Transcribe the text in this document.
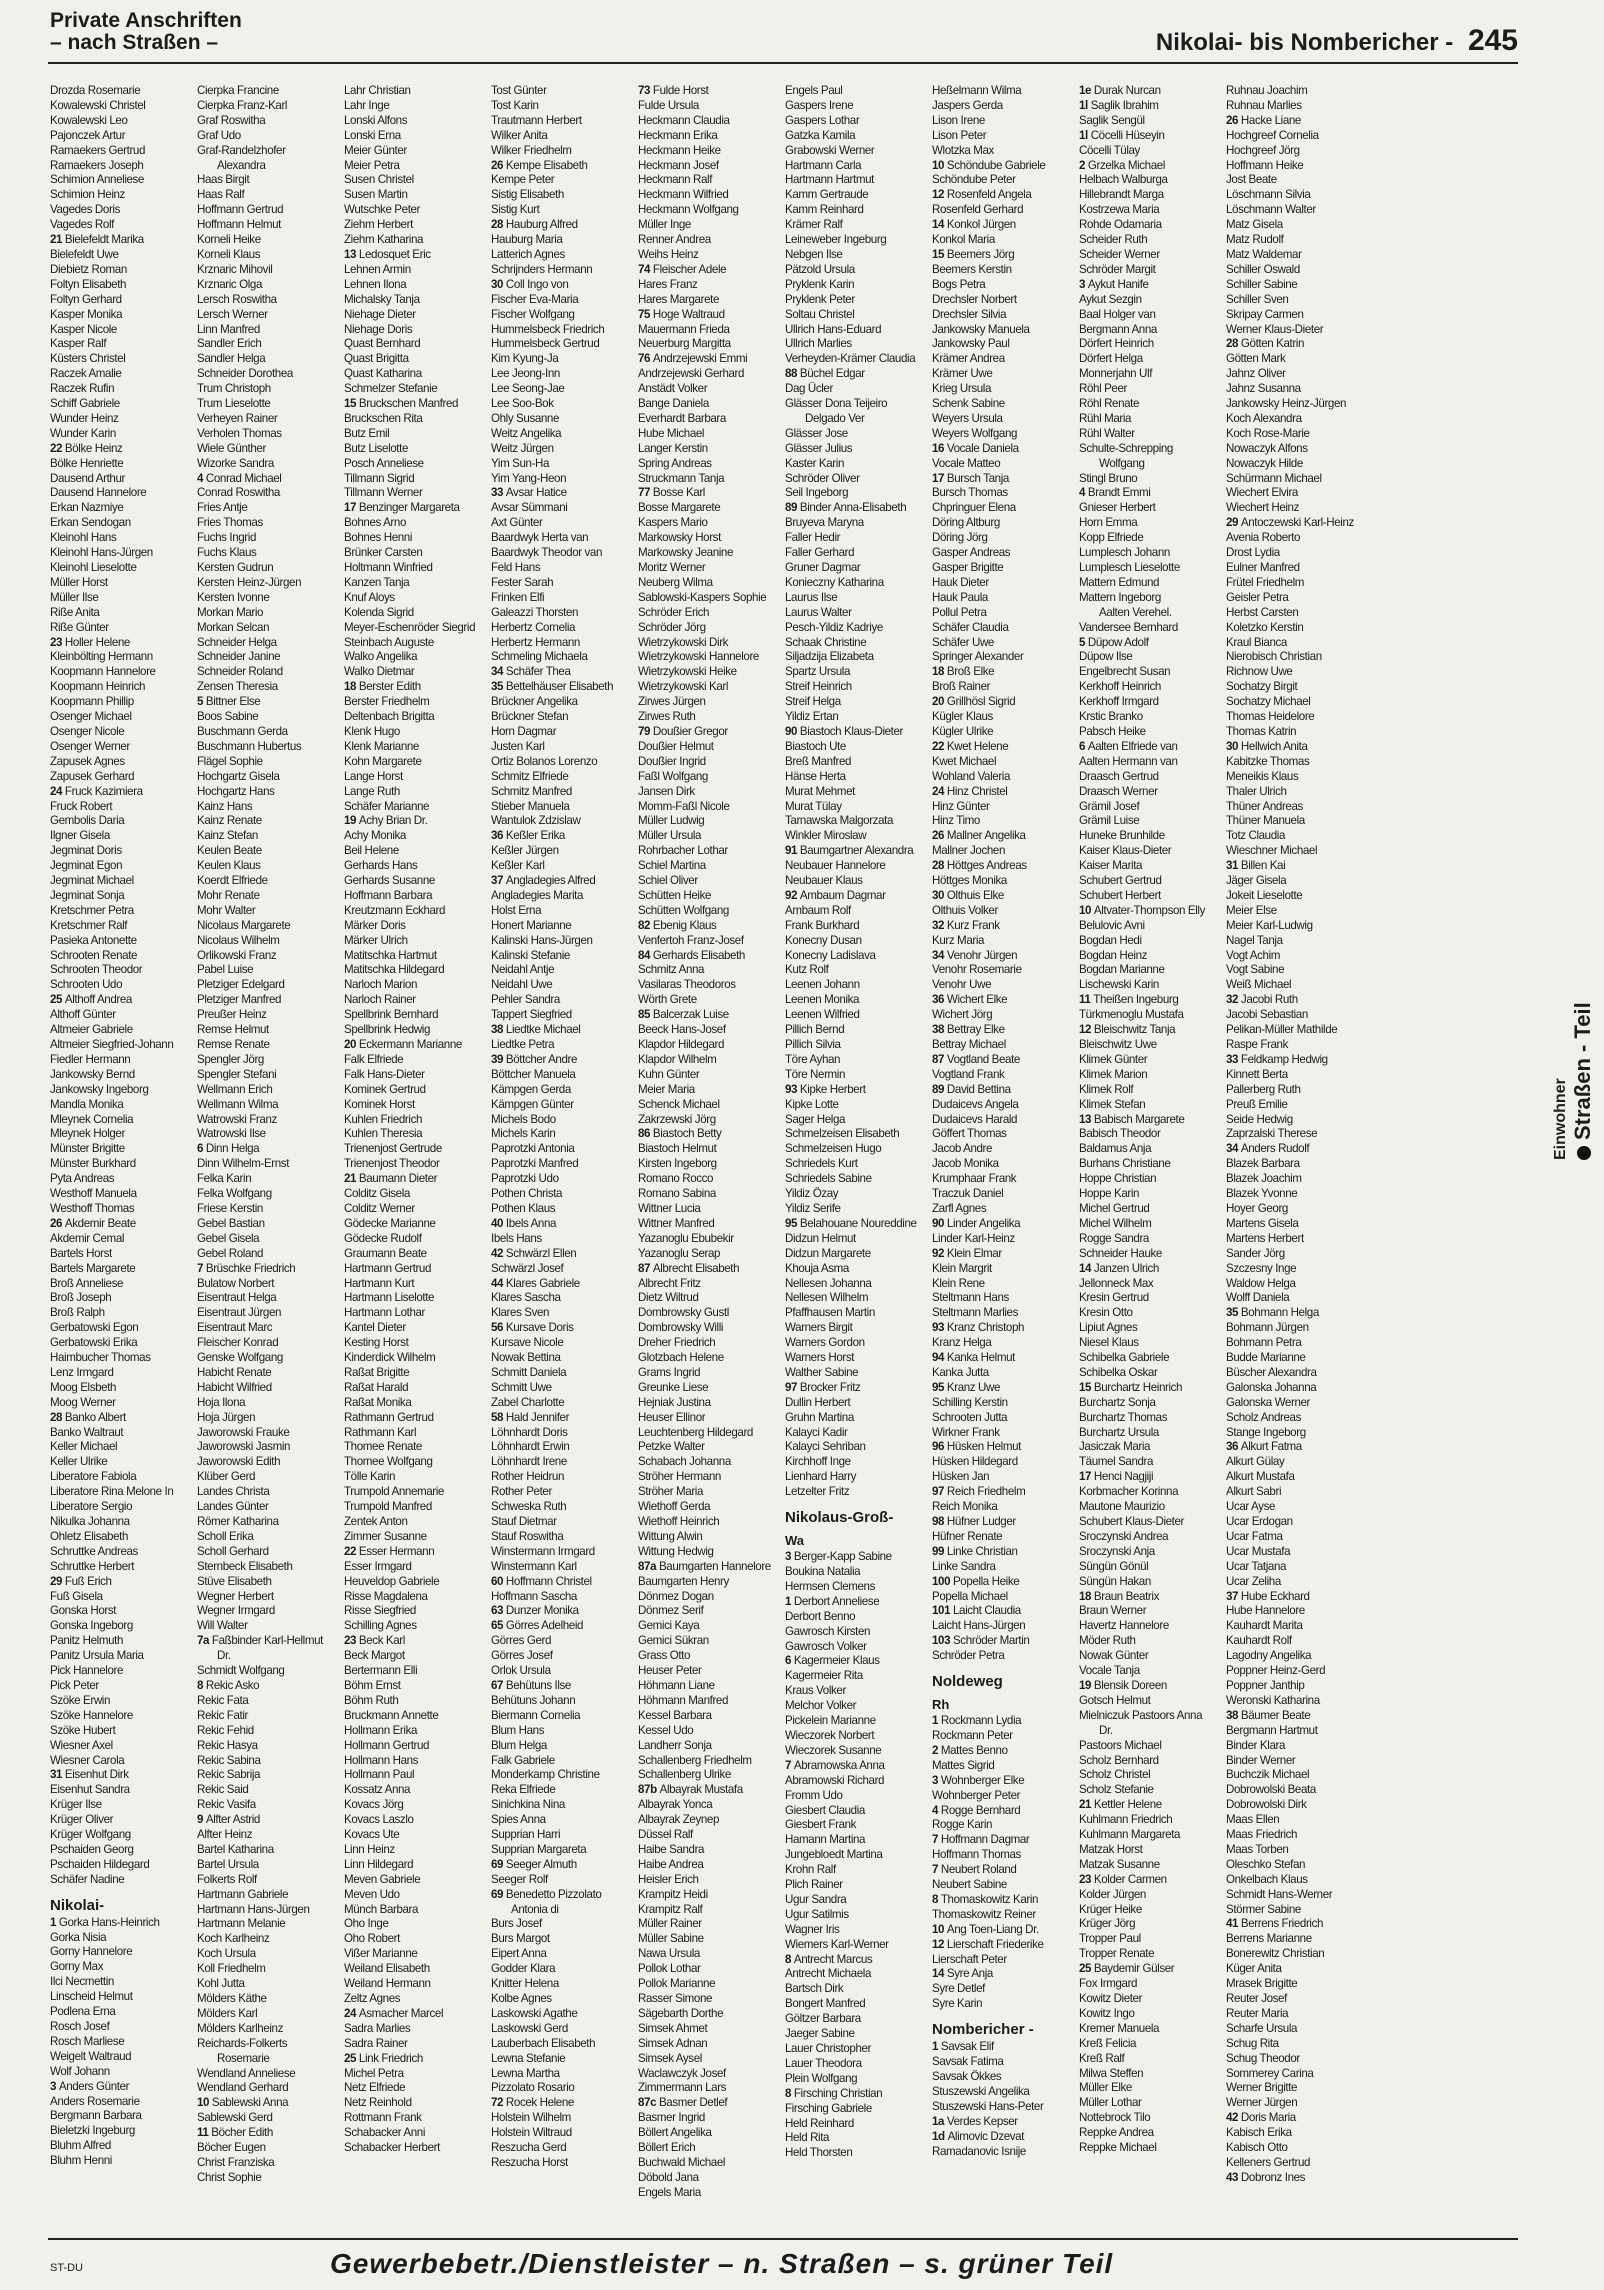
Private Anschriften
– nach Straßen –	Nikolai- bis Nombericher - 245
Drozda Rosemarie
Kowalewski Christel
Kowalewski Leo
Pajonczek Artur
Ramaekers Gertrud
Ramaekers Joseph
Schimion Anneliese
Schimion Heinz
Vagedes Doris
Vagedes Rolf
21 Bielefeldt Marika
Bielefeldt Uwe
Diebietz Roman
Foltyn Elisabeth
Foltyn Gerhard
Kasper Monika
Kasper Nicole
Kasper Ralf
Küsters Christel
Raczek Amalie
Raczek Rufin
Schiff Gabriele
Wunder Heinz
Wunder Karin
22 Bölke Heinz
Bölke Henriette
Dausend Arthur
Dausend Hannelore
Erkan Nazmiye
Erkan Sendogan
Kleinohl Hans
Kleinohl Hans-Jürgen
Kleinohl Lieselotte
Müller Horst
Müller Ilse
Riße Anita
Riße Günter
23 Holler Helene
Kleinbölting Hermann
Koopmann Hannelore
Koopmann Heinrich
Koopmann Phillip
Osenger Michael
Osenger Nicole
Osenger Werner
Zapusek Agnes
Zapusek Gerhard
24 Fruck Kazimiera
Fruck Robert
Gembolis Daria
Ilgner Gisela
Jegminat Doris
Jegminat Egon
Jegminat Michael
Jegminat Sonja
Kretschmer Petra
Kretschmer Ralf
Pasieka Antonette
Schrooten Renate
Schrooten Theodor
Schrooten Udo
25 Althoff Andrea
Althoff Günter
Altmeier Gabriele
Altmeier Siegfried-Johann
Fiedler Hermann
Jankowsky Bernd
Jankowsky Ingeborg
Mandla Monika
Mleynek Cornelia
Mleynek Holger
Münster Brigitte
Münster Burkhard
Pyta Andreas
Westhoff Manuela
Westhoff Thomas
26 Akdemir Beate
Akdemir Cemal
Bartels Horst
Bartels Margarete
Broß Anneliese
Broß Joseph
Broß Ralph
Gerbatowski Egon
Gerbatowski Erika
Haimbucher Thomas
Lenz Irmgard
Moog Elsbeth
Moog Werner
28 Banko Albert
Banko Waltraut
Keller Michael
Keller Ulrike
Liberatore Fabiola
Liberatore Rina Melone In
Liberatore Sergio
Nikulka Johanna
Ohletz Elisabeth
Schruttke Andreas
Schruttke Herbert
29 Fuß Erich
Fuß Gisela
Gonska Horst
Gonska Ingeborg
Panitz Helmuth
Panitz Ursula Maria
Pick Hannelore
Pick Peter
Szöke Erwin
Szöke Hannelore
Szöke Hubert
Wiesner Axel
Wiesner Carola
31 Eisenhut Dirk
Eisenhut Sandra
Krüger Ilse
Krüger Oliver
Krüger Wolfgang
Pschaiden Georg
Pschaiden Hildegard
Schäfer Nadine
Nikolai-
1 Gorka Hans-Heinrich
Gorka Nisia
Gorny Hannelore
Gorny Max
Ilci Necmettin
Linscheid Helmut
Podlena Erna
Rosch Josef
Rosch Marliese
Weigelt Waltraud
Wolf Johann
3 Anders Günter
Anders Rosemarie
Bergmann Barbara
Bieletzki Ingeburg
Bluhm Alfred
Bluhm Henni
Cierpka Francine
Cierpka Franz-Karl
Graf Roswitha
Graf Udo
Graf-Randelzhofer
Alexandra
Haas Birgit
Haas Ralf
Hoffmann Gertrud
Hoffmann Helmut
Korneli Heike
Korneli Klaus
Krznaric Mihovil
Krznaric Olga
Lersch Roswitha
Lersch Werner
Linn Manfred
Sandler Erich
Sandler Helga
Schneider Dorothea
Trum Christoph
Trum Lieselotte
Verheyen Rainer
Verholen Thomas
Wiele Günther
Wizorke Sandra
4 Conrad Michael
Conrad Roswitha
Fries Antje
Fries Thomas
Fuchs Ingrid
Fuchs Klaus
Kersten Gudrun
Kersten Heinz-Jürgen
Kersten Ivonne
Morkan Mario
Morkan Selcan
Schneider Helga
Schneider Janine
Schneider Roland
Zensen Theresia
5 Bittner Else
Boos Sabine
Buschmann Gerda
Buschmann Hubertus
Flägel Sophie
Hochgartz Gisela
Hochgartz Hans
Kainz Hans
Kainz Renate
Kainz Stefan
Keulen Beate
Keulen Klaus
Koerdt Elfriede
Mohr Renate
Mohr Walter
Nicolaus Margarete
Nicolaus Wilhelm
Orlikowski Franz
Pabel Luise
Pletziger Edelgard
Pletziger Manfred
Preußer Heinz
Remse Helmut
Remse Renate
Spengler Jörg
Spengler Stefani
Wellmann Erich
Wellmann Wilma
Watrowski Franz
Watrowski Ilse
6 Dinn Helga
Dinn Wilhelm-Ernst
Felka Karin
Felka Wolfgang
Friese Kerstin
Gebel Bastian
Gebel Gisela
Gebel Roland
7 Brüschke Friedrich
Bulatow Norbert
Eisentraut Helga
Eisentraut Jürgen
Eisentraut Marc
Fleischer Konrad
Genske Wolfgang
Habicht Renate
Habicht Wilfried
Hoja Ilona
Hoja Jürgen
Jaworowski Frauke
Jaworowski Jasmin
Jaworowski Edith
Klüber Gerd
Landes Christa
Landes Günter
Römer Katharina
Scholl Erika
Scholl Gerhard
Sternbeck Elisabeth
Stüve Elisabeth
Wegner Herbert
Wegner Irmgard
Will Walter
7a Faßbinder Karl-Hellmut
Dr.
Schmidt Wolfgang
8 Rekic Asko
Rekic Fata
Rekic Fatir
Rekic Fehid
Rekic Hasya
Rekic Sabina
Rekic Sabrija
Rekic Said
Rekic Vasifa
9 Alfter Astrid
Alfter Heinz
Bartel Katharina
Bartel Ursula
Folkerts Rolf
Hartmann Gabriele
Hartmann Hans-Jürgen
Hartmann Melanie
Koch Karlheinz
Koch Ursula
Koll Friedhelm
Kohl Jutta
Mölders Käthe
Mölders Karl
Mölders Karlheinz
Reichards-Folkerts
Rosemarie
Wendland Anneliese
Wendland Gerhard
10 Sablewski Anna
Sablewski Gerd
11 Böcher Edith
Böcher Eugen
Christ Franziska
Christ Sophie
Lahr Christian
Lahr Inge
Lonski Alfons
Lonski Erna
Meier Günter
Meier Petra
Susen Christel
Susen Martin
Wutschke Peter
Ziehm Herbert
Ziehm Katharina
13 Ledosquet Eric
Lehnen Armin
Lehnen Ilona
Michalsky Tanja
Niehage Dieter
Niehage Doris
Quast Bernhard
Quast Brigitta
Quast Katharina
Schmelzer Stefanie
15 Bruckschen Manfred
Bruckschen Rita
Butz Emil
Butz Liselotte
Posch Anneliese
Tillmann Sigrid
Tillmann Werner
17 Benzinger Margareta
Bohnes Arno
Bohnes Henni
Brünker Carsten
Holtmann Winfried
Kanzen Tanja
Knuf Aloys
Kolenda Sigrid
Meyer-Eschenröder Siegrid
Steinbach Auguste
Walko Angelika
Walko Dietmar
18 Berster Edith
Berster Friedhelm
Deltenbach Brigitta
Klenk Hugo
Klenk Marianne
Kohn Margarete
Lange Horst
Lange Ruth
Schäfer Marianne
19 Achy Brian Dr.
Achy Monika
Beil Helene
Gerhards Hans
Gerhards Susanne
Hoffmann Barbara
Kreutzmann Eckhard
Märker Doris
Märker Ulrich
Matitschka Hartmut
Matitschka Hildegard
Narloch Marion
Narloch Rainer
Spellbrink Bernhard
Spellbrink Hedwig
20 Eckermann Marianne
Falk Elfriede
Falk Hans-Dieter
Kominek Gertrud
Kominek Horst
Kuhlen Friedrich
Kuhlen Theresia
Trienenjost Gertrude
Trienenjost Theodor
21 Baumann Dieter
Colditz Gisela
Colditz Werner
Gödecke Marianne
Gödecke Rudolf
Graumann Beate
Hartmann Gertrud
Hartmann Kurt
Hartmann Liselotte
Hartmann Lothar
Kantel Dieter
Kesting Horst
Kinderdick Wilhelm
Raßat Brigitte
Raßat Harald
Raßat Monika
Rathmann Gertrud
Rathmann Karl
Thomee Renate
Thomee Wolfgang
Tölle Karin
Trumpold Annemarie
Trumpold Manfred
Zentek Anton
Zimmer Susanne
22 Esser Hermann
Esser Irmgard
Heuveldop Gabriele
Risse Magdalena
Risse Siegfried
Schilling Agnes
23 Beck Karl
Beck Margot
Bertermann Elli
Böhm Ernst
Böhm Ruth
Bruckmann Annette
Hollmann Erika
Hollmann Gertrud
Hollmann Hans
Hollmann Paul
Kossatz Anna
Kovacs Jörg
Kovacs Laszlo
Kovacs Ute
Linn Heinz
Linn Hildegard
Meven Gabriele
Meven Udo
Münch Barbara
Oho Inge
Oho Robert
Vißer Marianne
Weiland Elisabeth
Weiland Hermann
Zeltz Agnes
24 Asmacher Marcel
Sadra Marlies
Sadra Rainer
25 Link Friedrich
Michel Petra
Netz Elfriede
Netz Reinhold
Rottmann Frank
Schabacker Anni
Schabacker Herbert
Tost Günter
Tost Karin
Trautmann Herbert
Wilker Anita
Wilker Friedhelm
26 Kempe Elisabeth
Kempe Peter
Sistig Elisabeth
Sistig Kurt
28 Hauburg Alfred
Hauburg Maria
Latterich Agnes
Schrijnders Hermann
30 Coll Ingo von
Fischer Eva-Maria
Fischer Wolfgang
Hummelsbeck Friedrich
Hummelsbeck Gertrud
Kim Kyung-Ja
Lee Jeong-Inn
Lee Seong-Jae
Lee Soo-Bok
Ohly Susanne
Weitz Angelika
Weitz Jürgen
Yim Sun-Ha
Yim Yang-Heon
33 Avsar Hatice
Avsar Sümmani
Axt Günter
Baardwyk Herta van
Baardwyk Theodor van
Feld Hans
Fester Sarah
Frinken Elfi
Galeazzi Thorsten
Herbertz Cornelia
Herbertz Hermann
Schmeling Michaela
34 Schäfer Thea
35 Bettelhäuser Elisabeth
Brückner Angelika
Brückner Stefan
Horn Dagmar
Justen Karl
Ortiz Bolanos Lorenzo
Schmitz Elfriede
Schmitz Manfred
Stieber Manuela
Wantulok Zdzislaw
36 Keßler Erika
Keßler Jürgen
Keßler Karl
37 Angladegies Alfred
Angladegies Marita
Holst Erna
Honert Marianne
Kalinski Hans-Jürgen
Kalinski Stefanie
Neidahl Antje
Neidahl Uwe
Pehler Sandra
Tappert Siegfried
38 Liedtke Michael
Liedtke Petra
39 Böttcher Andre
Böttcher Manuela
Kämpgen Gerda
Kämpgen Günter
Michels Bodo
Michels Karin
Paprotzki Antonia
Paprotzki Manfred
Paprotzki Udo
Pothen Christa
Pothen Klaus
40 Ibels Anna
Ibels Hans
42 Schwärzl Ellen
Schwärzl Josef
44 Klares Gabriele
Klares Sascha
Klares Sven
56 Kursave Doris
Kursave Nicole
Nowak Bettina
Schmitt Daniela
Schmitt Uwe
Zabel Charlotte
58 Hald Jennifer
Löhnhardt Doris
Löhnhardt Erwin
Löhnhardt Irene
Rother Heidrun
Rother Peter
Schweska Ruth
Stauf Dietmar
Stauf Roswitha
Winstermann Irmgard
Winstermann Karl
60 Hoffmann Christel
Hoffmann Sascha
63 Dunzer Monika
65 Görres Adelheid
Görres Gerd
Görres Josef
Orlok Ursula
67 Behütuns Ilse
Behütuns Johann
Biermann Cornelia
Blum Hans
Blum Helga
Falk Gabriele
Monderkamp Christine
Reka Elfriede
Sinichkina Nina
Spies Anna
Supprian Harri
Supprian Margareta
69 Seeger Almuth
Seeger Rolf
69 Benedetto Pizzolato
Antonia di
Burs Josef
Burs Margot
Eipert Anna
Godder Klara
Knitter Helena
Kolbe Agnes
Laskowski Agathe
Laskowski Gerd
Lauberbach Elisabeth
Lewna Stefanie
Lewna Martha
Pizzolato Rosario
72 Rocek Helene
Holstein Wilhelm
Holstein Wiltraud
Reszucha Gerd
Reszucha Horst
73 Fulde Horst
Fulde Ursula
Heckmann Claudia
Heckmann Erika
Heckmann Heike
Heckmann Josef
Heckmann Ralf
Heckmann Wilfried
Heckmann Wolfgang
Müller Inge
Renner Andrea
Weihs Heinz
74 Fleischer Adele
Hares Franz
Hares Margarete
75 Hoge Waltraud
Mauermann Frieda
Neuerburg Margitta
76 Andrzejewski Emmi
Andrzejewski Gerhard
Anstädt Volker
Bange Daniela
Everhardt Barbara
Hube Michael
Langer Kerstin
Spring Andreas
Struckmann Tanja
77 Bosse Karl
Bosse Margarete
Kaspers Mario
Markowsky Horst
Markowsky Jeanine
Moritz Werner
Neuberg Wilma
Sablowski-Kaspers Sophie
Schröder Erich
Schröder Jörg
Wietrzykowski Dirk
Wietrzykowski Hannelore
Wietrzykowski Heike
Wietrzykowski Karl
Zirwes Jürgen
Zirwes Ruth
79 Doußier Gregor
Doußier Helmut
Doußier Ingrid
Faßl Wolfgang
Jansen Dirk
Momm-Faßl Nicole
Müller Ludwig
Müller Ursula
Rohrbacher Lothar
Schiel Martina
Schiel Oliver
Schütten Heike
Schütten Wolfgang
82 Ebenig Klaus
Venfertoh Franz-Josef
84 Gerhards Elisabeth
Schmitz Anna
Vasilaras Theodoros
Wörth Grete
85 Balcerzak Luise
Beeck Hans-Josef
Klapdor Hildegard
Klapdor Wilhelm
Kuhn Günter
Meier Maria
Schenck Michael
Zakrzewski Jörg
86 Biastoch Betty
Biastoch Helmut
Kirsten Ingeborg
Romano Rocco
Romano Sabina
Wittner Lucia
Wittner Manfred
Yazanoglu Ebubekir
Yazanoglu Serap
87 Albrecht Elisabeth
Albrecht Fritz
Dietz Wiltrud
Dombrowsky Gustl
Dombrowsky Willi
Dreher Friedrich
Glotzbach Helene
Grams Ingrid
Greunke Liese
Hejniak Justina
Heuser Ellinor
Leuchtenberg Hildegard
Petzke Walter
Schabach Johanna
Ströher Hermann
Ströher Maria
Wiethoff Gerda
Wiethoff Heinrich
Wittung Alwin
Wittung Hedwig
87a Baumgarten Hannelore
Baumgarten Henry
Dönmez Dogan
Dönmez Serif
Gemici Kaya
Gemici Sükran
Grass Otto
Heuser Peter
Höhmann Liane
Höhmann Manfred
Kessel Barbara
Kessel Udo
Landherr Sonja
Schallenberg Friedhelm
Schallenberg Ulrike
87b Albayrak Mustafa
Albayrak Yonca
Albayrak Zeynep
Düssel Ralf
Haibe Sandra
Haibe Andrea
Heisler Erich
Krampitz Heidi
Krampitz Ralf
Müller Rainer
Müller Sabine
Nawa Ursula
Pollok Lothar
Pollok Marianne
Rasser Simone
Sägebarth Dorthe
Simsek Ahmet
Simsek Adnan
Simsek Aysel
Waclawczyk Josef
Zimmermann Lars
87c Basmer Detlef
Basmer Ingrid
Böllert Angelika
Böllert Erich
Buchwald Michael
Döbold Jana
Engels Maria
Engels Paul
Gaspers Irene
Gaspers Lothar
Gatzka Kamila
Grabowski Werner
Hartmann Carla
Hartmann Hartmut
Kamm Gertraude
Kamm Reinhard
Krämer Ralf
Leineweber Ingeburg
Nebgen Ilse
Pätzold Ursula
Pryklenk Karin
Pryklenk Peter
Soltau Christel
Ullrich Hans-Eduard
Ullrich Marlies
Verheyden-Krämer Claudia
88 Büchel Edgar
Dag Ücler
Glässer Dona Teijeiro
Delgado Ver
Glässer Jose
Glässer Julius
Kaster Karin
Schröder Oliver
Seil Ingeborg
89 Binder Anna-Elisabeth
Bruyeva Maryna
Faller Hedir
Faller Gerhard
Gruner Dagmar
Konieczny Katharina
Laurus Ilse
Laurus Walter
Pesch-Yildiz Kadriye
Schaak Christine
Siljadzija Elizabeta
Spartz Ursula
Streif Heinrich
Streif Helga
Yildiz Ertan
90 Biastoch Klaus-Dieter
Biastoch Ute
Breß Manfred
Hänse Herta
Murat Mehmet
Murat Tülay
Tarnawska Malgorzata
Winkler Miroslaw
91 Baumgartner Alexandra
Neubauer Hannelore
Neubauer Klaus
92 Ambaum Dagmar
Ambaum Rolf
Frank Burkhard
Konecny Dusan
Konecny Ladislava
Kutz Rolf
Leenen Johann
Leenen Monika
Leenen Wilfried
Pillich Bernd
Pillich Silvia
Töre Ayhan
Töre Nermin
93 Kipke Herbert
Kipke Lotte
Sager Helga
Schmelzeisen Elisabeth
Schmelzeisen Hugo
Schriedels Kurt
Schriedels Sabine
Yildiz Özay
Yildiz Serife
95 Belahouane Noureddine
Didzun Helmut
Didzun Margarete
Khouja Asma
Nellesen Johanna
Nellesen Wilhelm
Pfaffhausen Martin
Warners Birgit
Warners Gordon
Warners Horst
Walther Sabine
97 Brocker Fritz
Dullin Herbert
Gruhn Martina
Kalayci Kadir
Kalayci Sehriban
Kirchhoff Inge
Lienhard Harry
Letzelter Fritz
Nikolaus-Groß-
Wa
3 Berger-Kapp Sabine
Boukina Natalia
Hermsen Clemens
1 Derbort Anneliese
Derbort Benno
Gawrosch Kirsten
Gawrosch Volker
6 Kagermeier Klaus
Kagermeier Rita
Kraus Volker
Melchor Volker
Pickelein Marianne
Wieczorek Norbert
Wieczorek Susanne
7 Abramowska Anna
Abramowski Richard
Fromm Udo
Giesbert Claudia
Giesbert Frank
Hamann Martina
Jungebloedt Martina
Krohn Ralf
Plich Rainer
Ugur Sandra
Ugur Satilmis
Wagner Iris
Wiemers Karl-Werner
8 Antrecht Marcus
Antrecht Michaela
Bartsch Dirk
Bongert Manfred
Göltzer Barbara
Jaeger Sabine
Lauer Christopher
Lauer Theodora
Plein Wolfgang
8 Firsching Christian
Firsching Gabriele
Held Reinhard
Held Rita
Held Thorsten
Heßelmann Wilma
Jaspers Gerda
Lison Irene
Lison Peter
Wlotzka Max
10 Schöndube Gabriele
Schöndube Peter
12 Rosenfeld Angela
Rosenfeld Gerhard
14 Konkol Jürgen
Konkol Maria
15 Beemers Jörg
Beemers Kerstin
Bogs Petra
Drechsler Norbert
Drechsler Silvia
Jankowsky Manuela
Jankowsky Paul
Krämer Andrea
Krämer Uwe
Krieg Ursula
Schenk Sabine
Weyers Ursula
Weyers Wolfgang
16 Vocale Daniela
Vocale Matteo
17 Bursch Tanja
Bursch Thomas
Chpringuer Elena
Döring Altburg
Döring Jörg
Gasper Andreas
Gasper Brigitte
Hauk Dieter
Hauk Paula
Pollul Petra
Schäfer Claudia
Schäfer Uwe
Springer Alexander
18 Broß Elke
Broß Rainer
20 Grillhösl Sigrid
Kügler Klaus
Kügler Ulrike
22 Kwet Helene
Kwet Michael
Wohland Valeria
24 Hinz Christel
Hinz Günter
Hinz Timo
26 Mallner Angelika
Mallner Jochen
28 Höttges Andreas
Höttges Monika
30 Olthuis Elke
Olthuis Volker
32 Kurz Frank
Kurz Maria
34 Venohr Jürgen
Venohr Rosemarie
Venohr Uwe
36 Wichert Elke
Wichert Jörg
38 Bettray Elke
Bettray Michael
87 Vogtland Beate
Vogtland Frank
89 David Bettina
Dudaicevs Angela
Dudaicevs Harald
Göffert Thomas
Jacob Andre
Jacob Monika
Krumphaar Frank
Traczuk Daniel
Zarfl Agnes
90 Linder Angelika
Linder Karl-Heinz
92 Klein Elmar
Klein Margrit
Klein Rene
Steltmann Hans
Steltmann Marlies
93 Kranz Christoph
Kranz Helga
94 Kanka Helmut
Kanka Jutta
95 Kranz Uwe
Schilling Kerstin
Schrooten Jutta
Wirkner Frank
96 Hüsken Helmut
Hüsken Hildegard
Hüsken Jan
97 Reich Friedhelm
Reich Monika
98 Hüfner Ludger
Hüfner Renate
99 Linke Christian
Linke Sandra
100 Popella Heike
Popella Michael
101 Laicht Claudia
Laicht Hans-Jürgen
103 Schröder Martin
Schröder Petra
Noldeweg
Rh
1 Rockmann Lydia
Rockmann Peter
2 Mattes Benno
Mattes Sigrid
3 Wohnberger Elke
Wohnberger Peter
4 Rogge Bernhard
Rogge Karin
7 Hoffmann Dagmar
Hoffmann Thomas
7 Neubert Roland
Neubert Sabine
8 Thomaskowitz Karin
Thomaskowitz Reiner
10 Ang Toen-Liang Dr.
12 Lierschaft Friederike
Lierschaft Peter
14 Syre Anja
Syre Detlef
Syre Karin
Nombericher -
1 Savsak Elif
Savsak Fatima
Savsak Ökkes
Stuszewski Angelika
Stuszewski Hans-Peter
1a Verdes Kepser
1d Alimovic Dzevat
Ramadanovic Isnije
1e Durak Nurcan
1l Saglik Ibrahim
Saglik Sengül
1l Cöcelli Hüseyin
Cöcelli Tülay
2 Grzelka Michael
Helbach Walburga
Hillebrandt Marga
Kostrzewa Maria
Rohde Odamaria
Scheider Ruth
Scheider Werner
Schröder Margit
3 Aykut Hanife
Aykut Sezgin
Baal Holger van
Bergmann Anna
Dörfert Heinrich
Dörfert Helga
Monnerjahn Ulf
Röhl Peer
Röhl Renate
Rühl Maria
Rühl Walter
Schulte-Schrepping
Wolfgang
Stingl Bruno
4 Brandt Emmi
Gnieser Herbert
Horn Emma
Kopp Elfriede
Lumplesch Johann
Lumplesch Lieselotte
Mattern Edmund
Mattern Ingeborg
Aalten Verehel.
Vandersee Bernhard
5 Düpow Adolf
Düpow Ilse
Engelbrecht Susan
Kerkhoff Heinrich
Kerkhoff Irmgard
Krstic Branko
Pabsch Heike
6 Aalten Elfriede van
Aalten Hermann van
Draasch Gertrud
Draasch Werner
Grämil Josef
Grämil Luise
Huneke Brunhilde
Kaiser Klaus-Dieter
Kaiser Marita
Schubert Gertrud
Schubert Herbert
10 Altvater-Thompson Elly
Belulovic Avni
Bogdan Hedi
Bogdan Heinz
Bogdan Marianne
Lischewski Karin
11 Theißen Ingeburg
Türkmenoglu Mustafa
12 Bleischwitz Tanja
Bleischwitz Uwe
Klimek Günter
Klimek Marion
Klimek Rolf
Klimek Stefan
13 Babisch Margarete
Babisch Theodor
Baldamus Anja
Burhans Christiane
Hoppe Christian
Hoppe Karin
Michel Gertrud
Michel Wilhelm
Rogge Sandra
Schneider Hauke
14 Janzen Ulrich
Jellonneck Max
Kresin Gertrud
Kresin Otto
Lipiut Agnes
Niesel Klaus
Schibelka Gabriele
Schibelka Oskar
15 Burchartz Heinrich
Burchartz Sonja
Burchartz Thomas
Burchartz Ursula
Jasiczak Maria
Täumel Sandra
17 Henci Nagjiji
Korbmacher Korinna
Mautone Maurizio
Schubert Klaus-Dieter
Sroczynski Andrea
Sroczynski Anja
Süngün Gönül
Süngün Hakan
18 Braun Beatrix
Braun Werner
Havertz Hannelore
Möder Ruth
Nowak Günter
Vocale Tanja
19 Blensik Doreen
Gotsch Helmut
Mielniczuk Pastoors Anna
Dr.
Pastoors Michael
Scholz Bernhard
Scholz Christel
Scholz Stefanie
21 Kettler Helene
Kuhlmann Friedrich
Kuhlmann Margareta
Matzak Horst
Matzak Susanne
23 Kolder Carmen
Kolder Jürgen
Krüger Heike
Krüger Jörg
Tropper Paul
Tropper Renate
25 Baydemir Gülser
Fox Irmgard
Kowitz Dieter
Kowitz Ingo
Kremer Manuela
Kreß Felicia
Kreß Ralf
Milwa Steffen
Müller Elke
Müller Lothar
Nottebrock Tilo
Reppke Andrea
Reppke Michael
Ruhnau Joachim
Ruhnau Marlies
26 Hacke Liane
Hochgreef Cornelia
Hochgreef Jörg
Hoffmann Heike
Jost Beate
Löschmann Silvia
Löschmann Walter
Matz Gisela
Matz Rudolf
Matz Waldemar
Schiller Oswald
Schiller Sabine
Schiller Sven
Skripay Carmen
Werner Klaus-Dieter
28 Götten Katrin
Götten Mark
Jahnz Oliver
Jahnz Susanna
Jankowsky Heinz-Jürgen
Koch Alexandra
Koch Rose-Marie
Nowaczyk Alfons
Nowaczyk Hilde
Schürmann Michael
Wiechert Elvira
Wiechert Heinz
29 Antoczewski Karl-Heinz
Avenia Roberto
Drost Lydia
Eulner Manfred
Frütel Friedhelm
Geisler Petra
Herbst Carsten
Koletzko Kerstin
Kraul Bianca
Nierobisch Christian
Richnow Uwe
Sochatzy Birgit
Sochatzy Michael
Thomas Heidelore
Thomas Katrin
30 Hellwich Anita
Kabitzke Thomas
Meneikis Klaus
Thaler Ulrich
Thüner Andreas
Thüner Manuela
Totz Claudia
Wieschner Michael
31 Billen Kai
Jäger Gisela
Jokeit Lieselotte
Meier Else
Meier Karl-Ludwig
Nagel Tanja
Vogt Achim
Vogt Sabine
Weiß Michael
32 Jacobi Ruth
Jacobi Sebastian
Pelikan-Müller Mathilde
Raspe Frank
33 Feldkamp Hedwig
Kinnett Berta
Pallerberg Ruth
Preuß Emilie
Seide Hedwig
Zaprzalski Therese
34 Anders Rudolf
Blazek Barbara
Blazek Joachim
Blazek Yvonne
Hoyer Georg
Martens Gisela
Martens Herbert
Sander Jörg
Szczesny Inge
Waldow Helga
Wolff Daniela
35 Bohmann Helga
Bohmann Jürgen
Bohmann Petra
Budde Marianne
Büscher Alexandra
Galonska Johanna
Galonska Werner
Scholz Andreas
Stange Ingeborg
36 Alkurt Fatma
Alkurt Gülay
Alkurt Mustafa
Alkurt Sabri
Ucar Ayse
Ucar Erdogan
Ucar Fatma
Ucar Mustafa
Ucar Tatjana
Ucar Zeliha
37 Hube Eckhard
Hube Hannelore
Kauhardt Marita
Kauhardt Rolf
Lagodny Angelika
Poppner Heinz-Gerd
Poppner Janthip
Weronski Katharina
38 Bäumer Beate
Bergmann Hartmut
Binder Klara
Binder Werner
Buchczik Michael
Dobrowolski Beata
Dobrowolski Dirk
Maas Ellen
Maas Friedrich
Maas Torben
Oleschko Stefan
Onkelbach Klaus
Schmidt Hans-Werner
Störmer Sabine
41 Berrens Friedrich
Berrens Marianne
Bonerewitz Christian
Küger Anita
Mrasek Brigitte
Reuter Josef
Reuter Maria
Scharfe Ursula
Schug Rita
Schug Theodor
Sommerey Carina
Werner Brigitte
Werner Jürgen
42 Doris Maria
Kabisch Erika
Kabisch Otto
Kelleners Gertrud
43 Dobronz Ines
Einwohner Straßen - Teil
ST-DU	Gewerbebetr./Dienstleister – n. Straßen – s. grüner Teil
